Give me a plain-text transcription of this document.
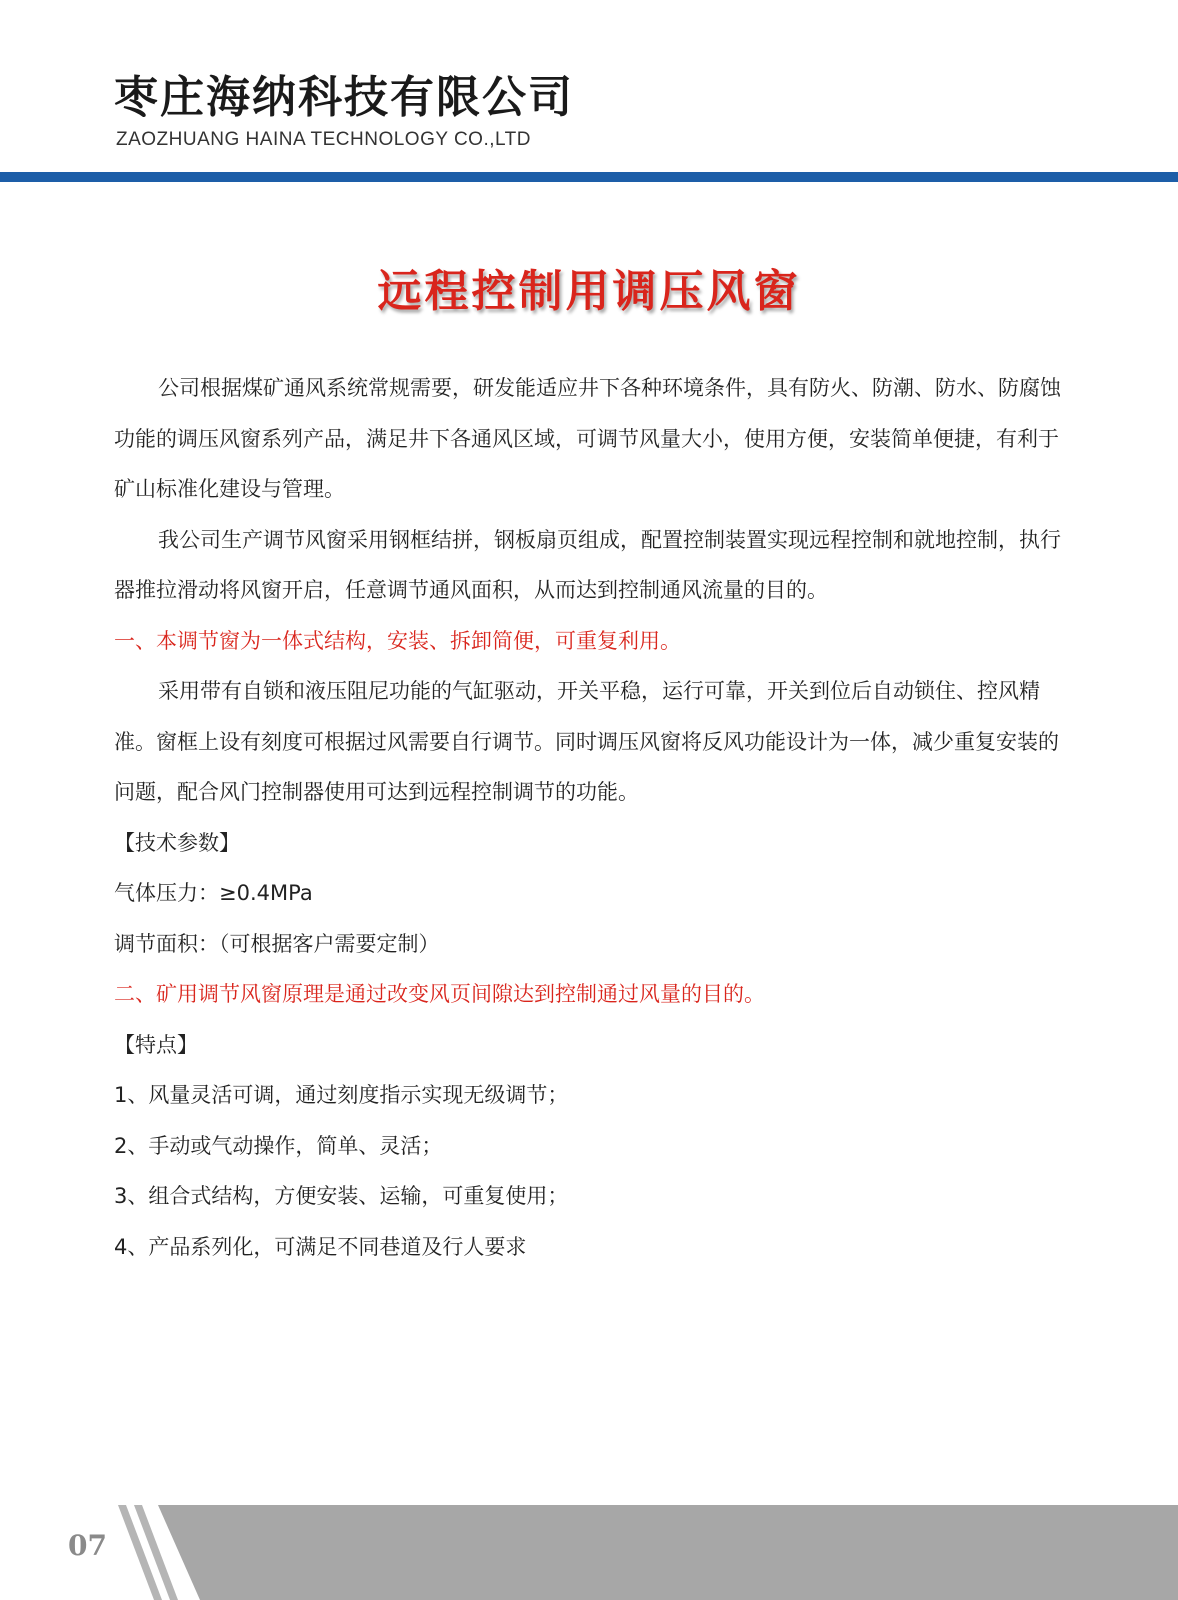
枣庄海纳科技有限公司
ZAOZHUANG HAINA TECHNOLOGY CO.,LTD
远程控制用调压风窗

公司根据煤矿通风系统常规需要，研发能适应井下各种环境条件，具有防火、防潮、防水、防腐蚀功能的调压风窗系列产品，满足井下各通风区域，可调节风量大小，使用方便，安装简单便捷，有利于矿山标准化建设与管理。

我公司生产调节风窗采用钢框结拼，钢板扇页组成，配置控制装置实现远程控制和就地控制，执行器推拉滑动将风窗开启，任意调节通风面积，从而达到控制通风流量的目的。

一、本调节窗为一体式结构，安装、拆卸简便，可重复利用。

采用带有自锁和液压阻尼功能的气缸驱动，开关平稳，运行可靠，开关到位后自动锁住、控风精准。窗框上设有刻度可根据过风需要自行调节。同时调压风窗将反风功能设计为一体，减少重复安装的问题，配合风门控制器使用可达到远程控制调节的功能。

【技术参数】

气体压力：≥0.4MPa

调节面积：（可根据客户需要定制）

二、矿用调节风窗原理是通过改变风页间隙达到控制通过风量的目的。

【特点】

1、风量灵活可调，通过刻度指示实现无级调节；

2、手动或气动操作，简单、灵活；

3、组合式结构，方便安装、运输，可重复使用；

4、产品系列化，可满足不同巷道及行人要求

07
